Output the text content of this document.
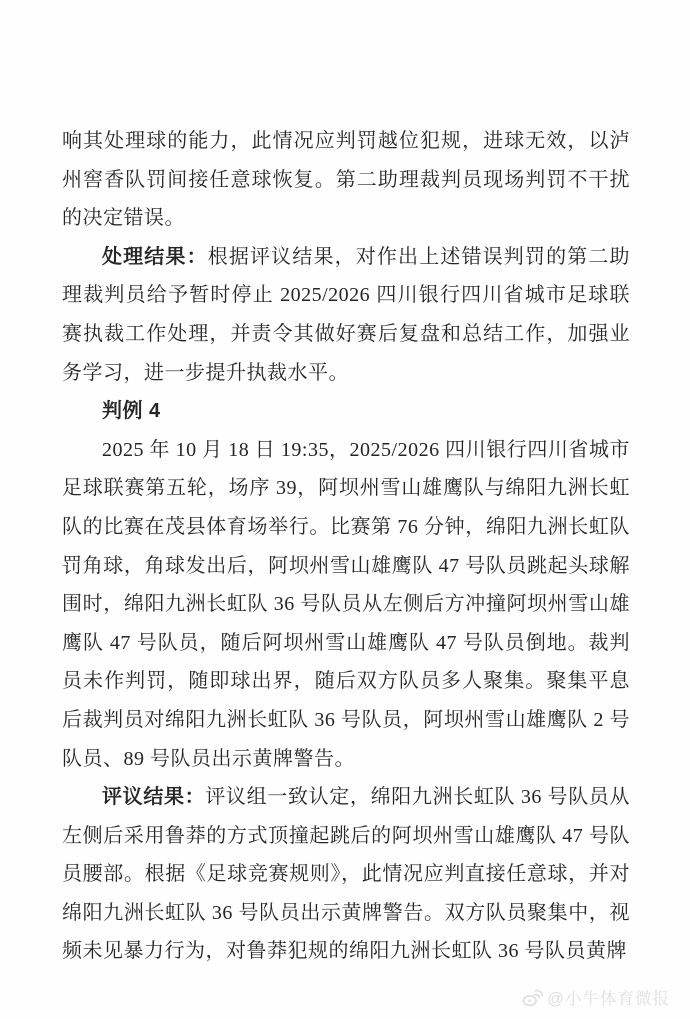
响其处理球的能力，此情况应判罚越位犯规，进球无效，以泸州窖香队罚间接任意球恢复。第二助理裁判员现场判罚不干扰的决定错误。

处理结果：根据评议结果，对作出上述错误判罚的第二助理裁判员给予暂时停止 2025/2026 四川银行四川省城市足球联赛执裁工作处理，并责令其做好赛后复盘和总结工作，加强业务学习，进一步提升执裁水平。

判例 4

2025 年 10 月 18 日 19:35，2025/2026 四川银行四川省城市足球联赛第五轮，场序 39，阿坝州雪山雄鹰队与绵阳九洲长虹队的比赛在茂县体育场举行。比赛第 76 分钟，绵阳九洲长虹队罚角球，角球发出后，阿坝州雪山雄鹰队 47 号队员跳起头球解围时，绵阳九洲长虹队 36 号队员从左侧后方冲撞阿坝州雪山雄鹰队 47 号队员，随后阿坝州雪山雄鹰队 47 号队员倒地。裁判员未作判罚，随即球出界，随后双方队员多人聚集。聚集平息后裁判员对绵阳九洲长虹队 36 号队员，阿坝州雪山雄鹰队 2 号队员、89 号队员出示黄牌警告。

评议结果：评议组一致认定，绵阳九洲长虹队 36 号队员从左侧后采用鲁莽的方式顶撞起跳后的阿坝州雪山雄鹰队 47 号队员腰部。根据《足球竞赛规则》，此情况应判直接任意球，并对绵阳九洲长虹队 36 号队员出示黄牌警告。双方队员聚集中，视频未见暴力行为，对鲁莽犯规的绵阳九洲长虹队 36 号队员黄牌

@小牛体育微报
